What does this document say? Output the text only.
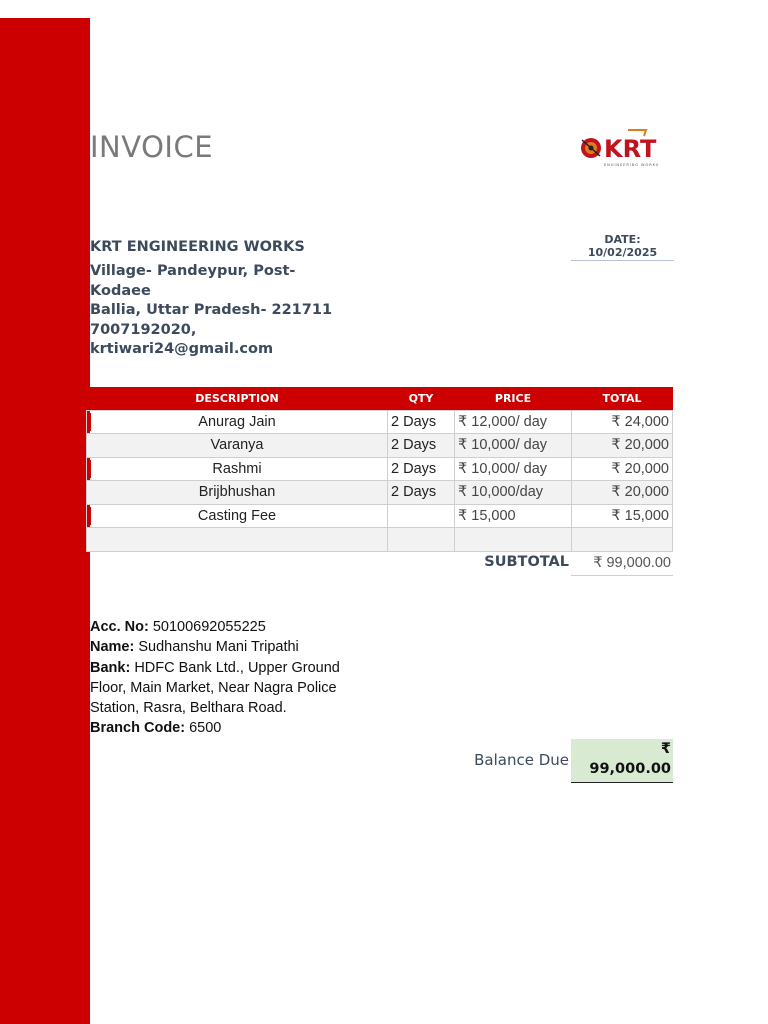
INVOICE	KRT
ENGINEERING WORKS
KRT ENGINEERING WORKS
Village- Pandeypur, Post-
Kodaee
Ballia, Uttar Pradesh- 221711
7007192020,
krtiwari24@gmail.com
DATE:
10/02/2025
DESCRIPTION	QTY	PRICE	TOTAL

Anurag Jain	2 Days	₹ 12,000/ day	₹ 24,000
Varanya	2 Days	₹ 10,000/ day	₹ 20,000

Rashmi	2 Days	₹ 10,000/ day	₹ 20,000
Brijbhushan	2 Days	₹ 10,000/day	₹ 20,000

Casting Fee		₹ 15,000	₹ 15,000

SUBTOTAL	₹ 99,000.00
Acc. No: 50100692055225
Name: Sudhanshu Mani Tripathi
Bank: HDFC Bank Ltd., Upper Ground Floor, Main Market, Near Nagra Police Station, Rasra, Belthara Road.
Branch Code: 6500
Balance Due
₹
99,000.00
